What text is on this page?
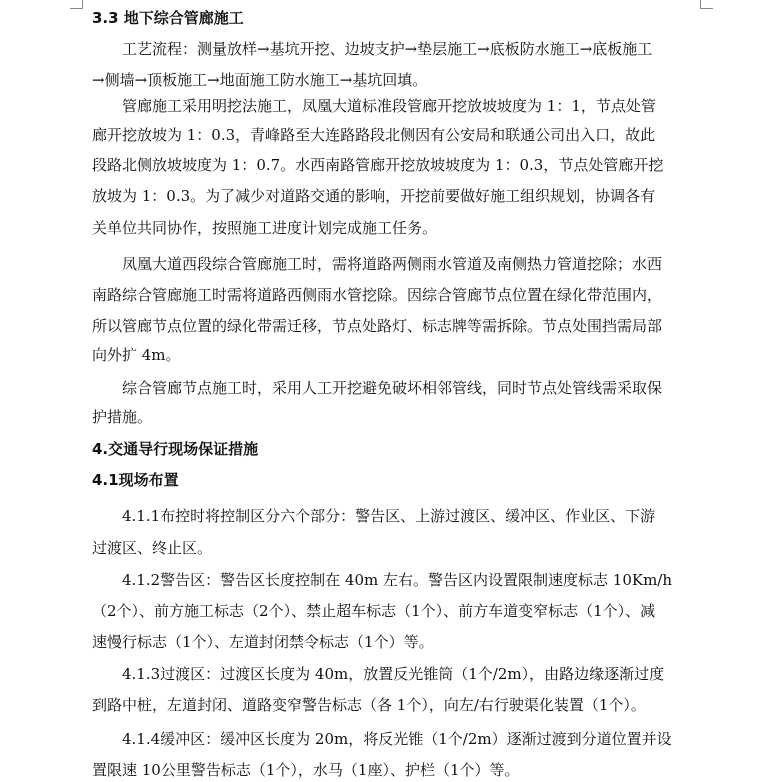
3.3 地下综合管廊施工
工艺流程：测量放样→基坑开挖、边坡支护→垫层施工→底板防水施工→底板施工
→侧墙→顶板施工→地面施工防水施工→基坑回填。
管廊施工采用明挖法施工，凤凰大道标准段管廊开挖放坡坡度为 1：1，节点处管
廊开挖放坡为 1：0.3，青峰路至大连路路段北侧因有公安局和联通公司出入口，故此
段路北侧放坡坡度为 1：0.7。水西南路管廊开挖放坡坡度为 1：0.3，节点处管廊开挖
放坡为 1：0.3。为了减少对道路交通的影响，开挖前要做好施工组织规划，协调各有
关单位共同协作，按照施工进度计划完成施工任务。
凤凰大道西段综合管廊施工时，需将道路两侧雨水管道及南侧热力管道挖除；水西
南路综合管廊施工时需将道路西侧雨水管挖除。因综合管廊节点位置在绿化带范围内，
所以管廊节点位置的绿化带需迁移，节点处路灯、标志牌等需拆除。节点处围挡需局部
向外扩 4m。
综合管廊节点施工时，采用人工开挖避免破坏相邻管线，同时节点处管线需采取保
护措施。
4.交通导行现场保证措施
4.1现场布置
4.1.1布控时将控制区分六个部分：警告区、上游过渡区、缓冲区、作业区、下游
过渡区、终止区。
4.1.2警告区：警告区长度控制在 40m 左右。警告区内设置限制速度标志 10Km/h
（2个）、前方施工标志（2个）、禁止超车标志（1个）、前方车道变窄标志（1个）、减
速慢行标志（1个）、左道封闭禁令标志（1个）等。
4.1.3过渡区：过渡区长度为 40m，放置反光锥筒（1个/2m），由路边缘逐渐过度
到路中桩，左道封闭、道路变窄警告标志（各 1个），向左/右行驶渠化装置（1个）。
4.1.4缓冲区：缓冲区长度为 20m，将反光锥（1个/2m）逐渐过渡到分道位置并设
置限速 10公里警告标志（1个），水马（1座）、护栏（1个）等。
